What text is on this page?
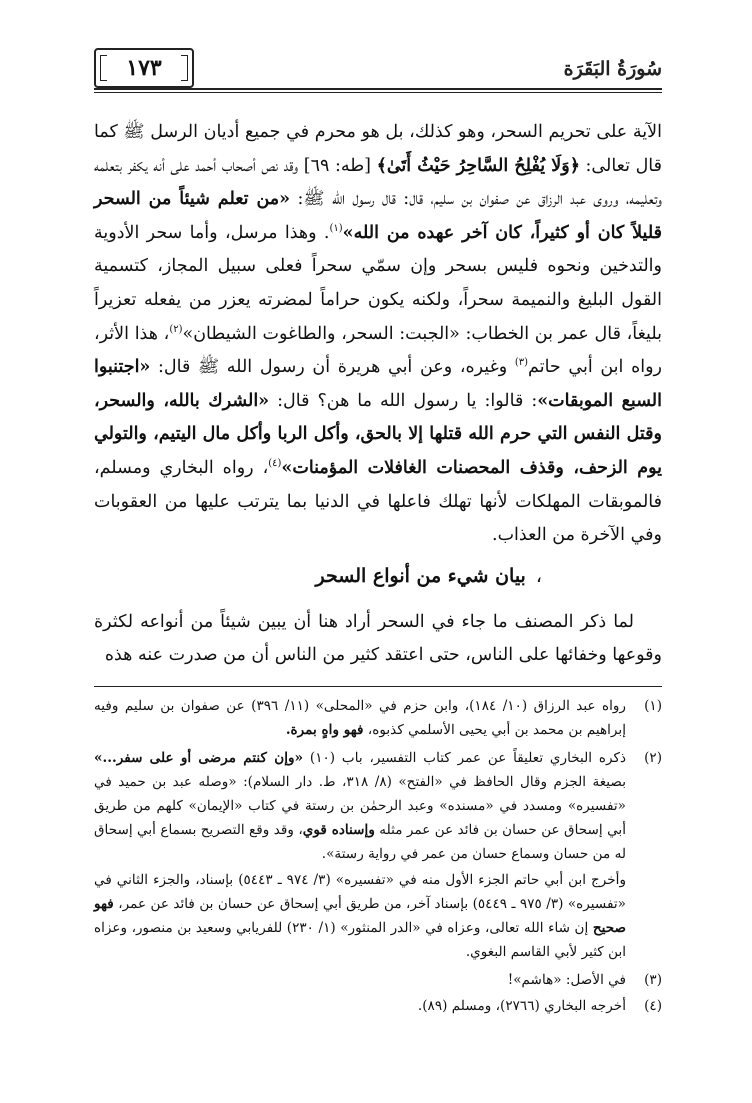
سُورَةُ البَقَرَة
١٧٣

الآية على تحريم السحر، وهو كذلك، بل هو محرم في جميع أديان الرسل ﷺ كما قال تعالى: ﴿وَلَا يُفْلِحُ السَّاحِرُ حَيْثُ أَتَىٰ﴾ [طه: ٦٩] وقد نص أصحاب أحمد على أنه يكفر بتعلمه وتعليمه، وروى عبد الرزاق عن صفوان بن سليم، قال: قال رسول الله ﷺ: «من تعلم شيئاً من السحر قليلاً كان أو كثيراً، كان آخر عهده من الله»$^{(١)}$. وهذا مرسل، وأما سحر الأدوية والتدخين ونحوه فليس بسحر وإن سمّي سحراً فعلى سبيل المجاز، كتسمية القول البليغ والنميمة سحراً، ولكنه يكون حراماً لمضرته يعزر من يفعله تعزيراً بليغاً، قال عمر بن الخطاب: «الجبت: السحر، والطاغوت الشيطان»$^{(٢)}$، هذا الأثر، رواه ابن أبي حاتم$^{(٣)}$ وغيره، وعن أبي هريرة أن رسول الله ﷺ قال: «اجتنبوا السبع الموبقات»: قالوا: يا رسول الله ما هن؟ قال: «الشرك بالله، والسحر، وقتل النفس التي حرم الله قتلها إلا بالحق، وأكل الربا وأكل مال اليتيم، والتولي يوم الزحف، وقذف المحصنات الغافلات المؤمنات»$^{(٤)}$، رواه البخاري ومسلم، فالموبقات المهلكات لأنها تهلك فاعلها في الدنيا بما يترتب عليها من العقوبات وفي الآخرة من العذاب.

،بيان شيء من أنواع السحر

لما ذكر المصنف ما جاء في السحر أراد هنا أن يبين شيئاً من أنواعه لكثرة وقوعها وخفائها على الناس، حتى اعتقد كثير من الناس أن من صدرت عنه هذه

(١)
رواه عبد الرزاق (١٠/ ١٨٤)، وابن حزم في «المحلى» (١١/ ٣٩٦) عن صفوان بن سليم وفيه إبراهيم بن محمد بن أبي يحيى الأسلمي كذبوه، فهو واهٍ بمرة.
(٢)
ذكره البخاري تعليقاً عن عمر كتاب التفسير، باب (١٠) «وإن كنتم مرضى أو على سفر...» بصيغة الجزم وقال الحافظ في «الفتح» (٨/ ٣١٨، ط. دار السلام): «وصله عبد بن حميد في «تفسيره» ومسدد في «مسنده» وعبد الرحمٰن بن رستة في كتاب «الإيمان» كلهم من طريق أبي إسحاق عن حسان بن فائد عن عمر مثله وإسناده قوي، وقد وقع التصريح بسماع أبي إسحاق له من حسان وسماع حسان من عمر في رواية رستة».

وأخرج ابن أبي حاتم الجزء الأول منه في «تفسيره» (٣/ ٩٧٤ ـ ٥٤٤٣) بإسناد، والجزء الثاني في «تفسيره» (٣/ ٩٧٥ ـ ٥٤٤٩) بإسناد آخر، من طريق أبي إسحاق عن حسان بن فائد عن عمر، فهو صحيح إن شاء الله تعالى، وعزاه في «الدر المنثور» (١/ ٢٣٠) للفريابي وسعيد بن منصور، وعزاه ابن كثير لأبي القاسم البغوي.

(٣)
في الأصل: «هاشم»!
(٤)
أخرجه البخاري (٢٧٦٦)، ومسلم (٨٩).
